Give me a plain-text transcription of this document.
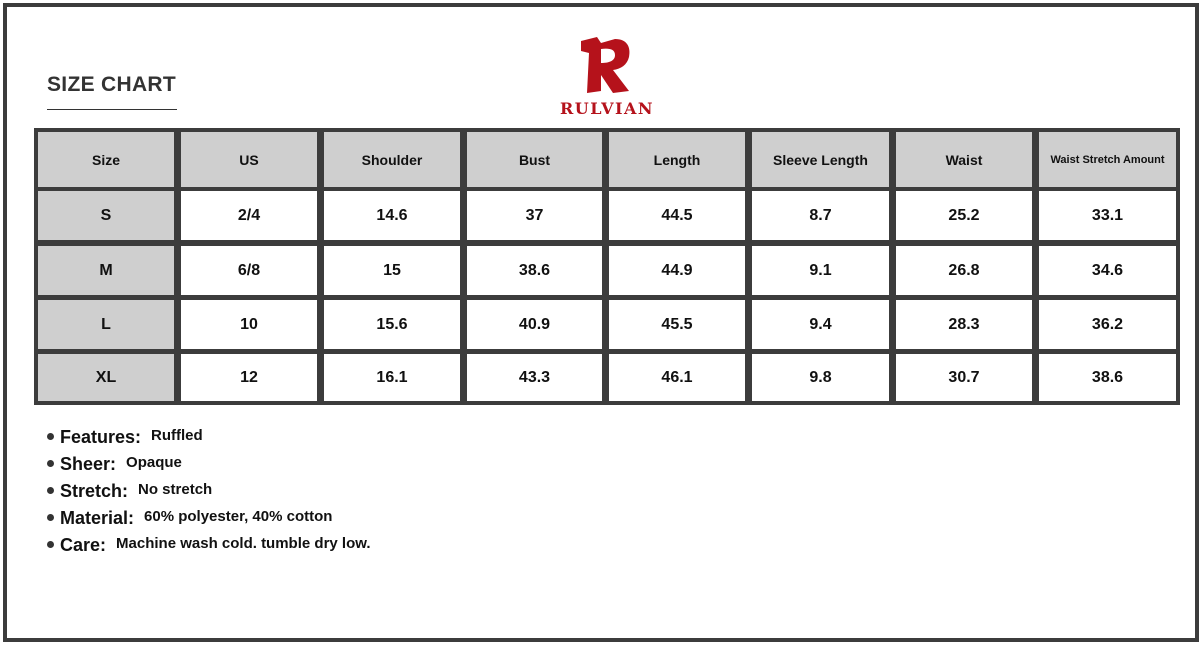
SIZE CHART
RULVIAN
Size	US	Shoulder	Bust	Length	Sleeve Length	Waist	Waist Stretch Amount
S	2/4	14.6	37	44.5	8.7	25.2	33.1
M	6/8	15	38.6	44.9	9.1	26.8	34.6
L	10	15.6	40.9	45.5	9.4	28.3	36.2
XL	12	16.1	43.3	46.1	9.8	30.7	38.6
Features: Ruffled
Sheer: Opaque
Stretch: No stretch
Material: 60% polyester, 40% cotton
Care: Machine wash cold. tumble dry low.
